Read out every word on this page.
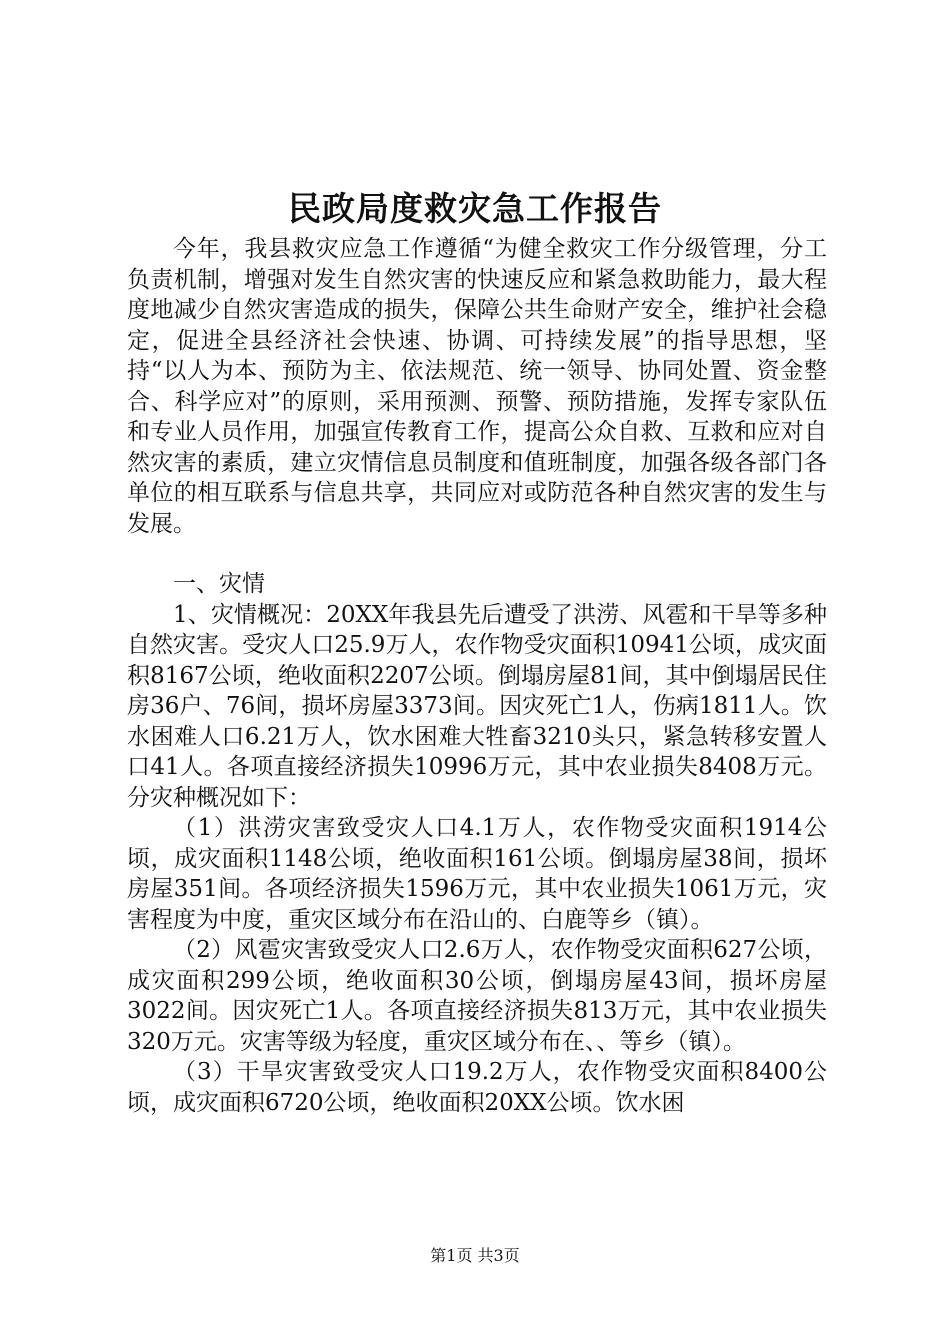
民政局度救灾急工作报告

今年，我县救灾应急工作遵循“为健全救灾工作分级管理，分工负责机制，增强对发生自然灾害的快速反应和紧急救助能力，最大程度地减少自然灾害造成的损失，保障公共生命财产安全，维护社会稳定，促进全县经济社会快速、协调、可持续发展”的指导思想，坚持“以人为本、预防为主、依法规范、统一领导、协同处置、资金整合、科学应对”的原则，采用预测、预警、预防措施，发挥专家队伍和专业人员作用，加强宣传教育工作，提高公众自救、互救和应对自然灾害的素质，建立灾情信息员制度和值班制度，加强各级各部门各单位的相互联系与信息共享，共同应对或防范各种自然灾害的发生与发展。

一、灾情

1、灾情概况：20XX年我县先后遭受了洪涝、风雹和干旱等多种自然灾害。受灾人口25.9万人，农作物受灾面积10941公顷，成灾面积8167公顷，绝收面积2207公顷。倒塌房屋81间，其中倒塌居民住房36户、76间，损坏房屋3373间。因灾死亡1人，伤病1811人。饮水困难人口6.21万人，饮水困难大牲畜3210头只，紧急转移安置人口41人。各项直接经济损失10996万元，其中农业损失8408万元。分灾种概况如下：

（1）洪涝灾害致受灾人口4.1万人，农作物受灾面积1914公顷，成灾面积1148公顷，绝收面积161公顷。倒塌房屋38间，损坏房屋351间。各项经济损失1596万元，其中农业损失1061万元，灾害程度为中度，重灾区域分布在沿山的、白鹿等乡（镇）。

（2）风雹灾害致受灾人口2.6万人，农作物受灾面积627公顷，成灾面积299公顷，绝收面积30公顷，倒塌房屋43间，损坏房屋3022间。因灾死亡1人。各项直接经济损失813万元，其中农业损失320万元。灾害等级为轻度，重灾区域分布在、、等乡（镇）。

（3）干旱灾害致受灾人口19.2万人，农作物受灾面积8400公顷，成灾面积6720公顷，绝收面积20XX公顷。饮水困

第1页 共3页
